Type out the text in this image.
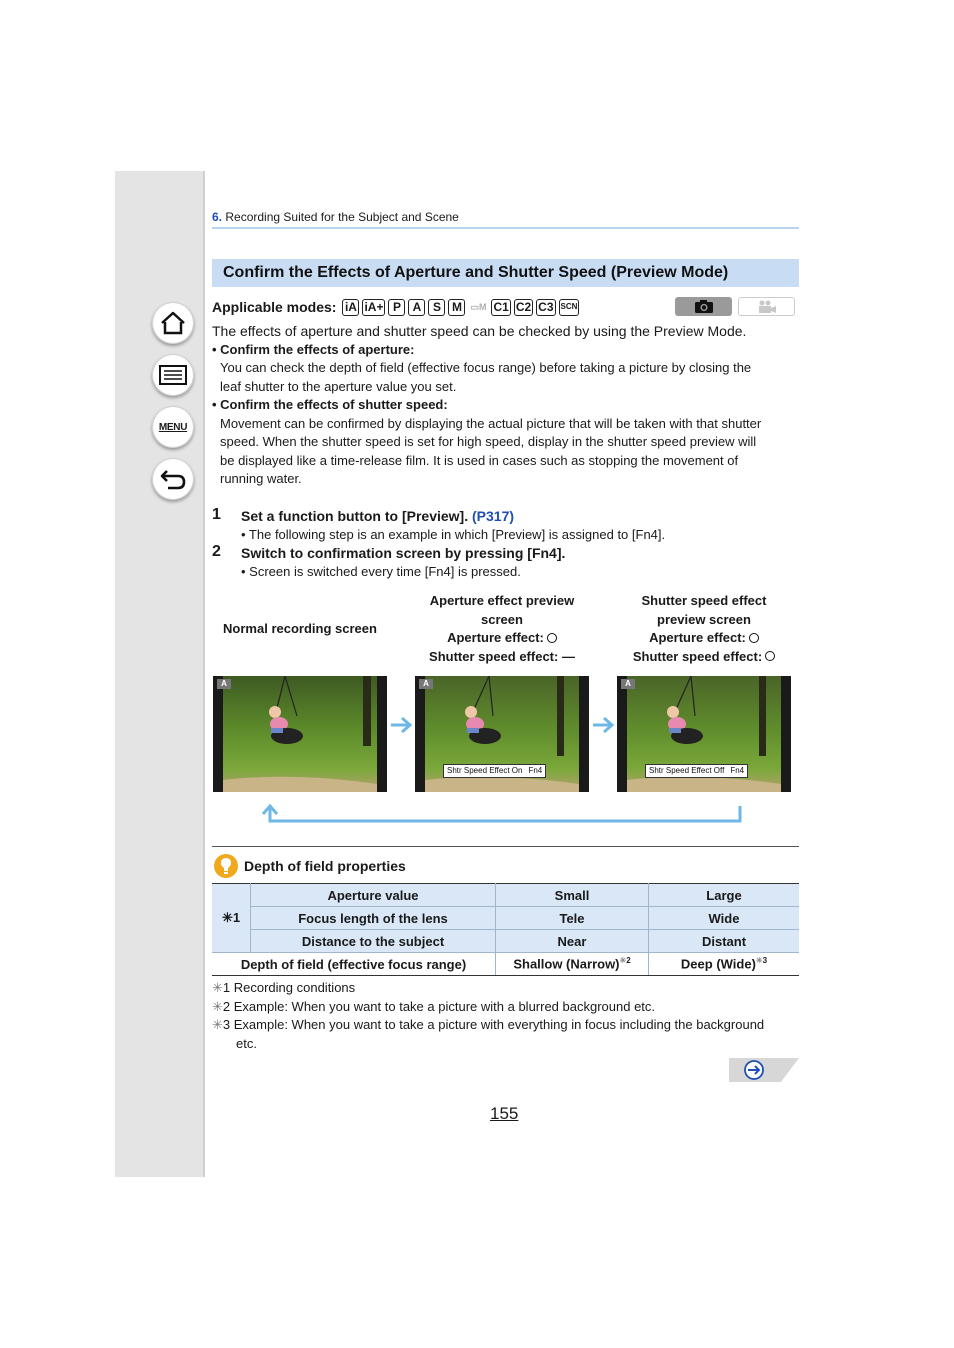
MENU
6. Recording Suited for the Subject and Scene
Confirm the Effects of Aperture and Shutter Speed (Preview Mode)
Applicable modes: iA iA+ P A S M ▭M C1 C2 C3 SCN
The effects of aperture and shutter speed can be checked by using the Preview Mode.
• Confirm the effects of aperture:
You can check the depth of field (effective focus range) before taking a picture by closing the
leaf shutter to the aperture value you set.
• Confirm the effects of shutter speed:
Movement can be confirmed by displaying the actual picture that will be taken with that shutter
speed. When the shutter speed is set for high speed, display in the shutter speed preview will
be displayed like a time-release film. It is used in cases such as stopping the movement of
running water.
1 Set a function button to [Preview]. (P317)
• The following step is an example in which [Preview] is assigned to [Fn4].
2 Switch to confirmation screen by pressing [Fn4].
• Screen is switched every time [Fn4] is pressed.
Normal recording screen
Aperture effect preview
screen
Aperture effect:
Shutter speed effect: —
Shutter speed effect
preview screen
Aperture effect:
Shutter speed effect:
A	A
Shtr Speed Effect On Fn4
A
Shtr Speed Effect Off Fn4
Depth of field properties
✳1	Aperture value	Small	Large
	Focus length of the lens	Tele	Wide
	Distance to the subject	Near	Distant
Depth of field (effective focus range)		Shallow (Narrow)$^{✳2}$	Deep (Wide)$^{✳3}$
✳1 Recording conditions
✳2 Example: When you want to take a picture with a blurred background etc.
✳3 Example: When you want to take a picture with everything in focus including the background
etc.
155
